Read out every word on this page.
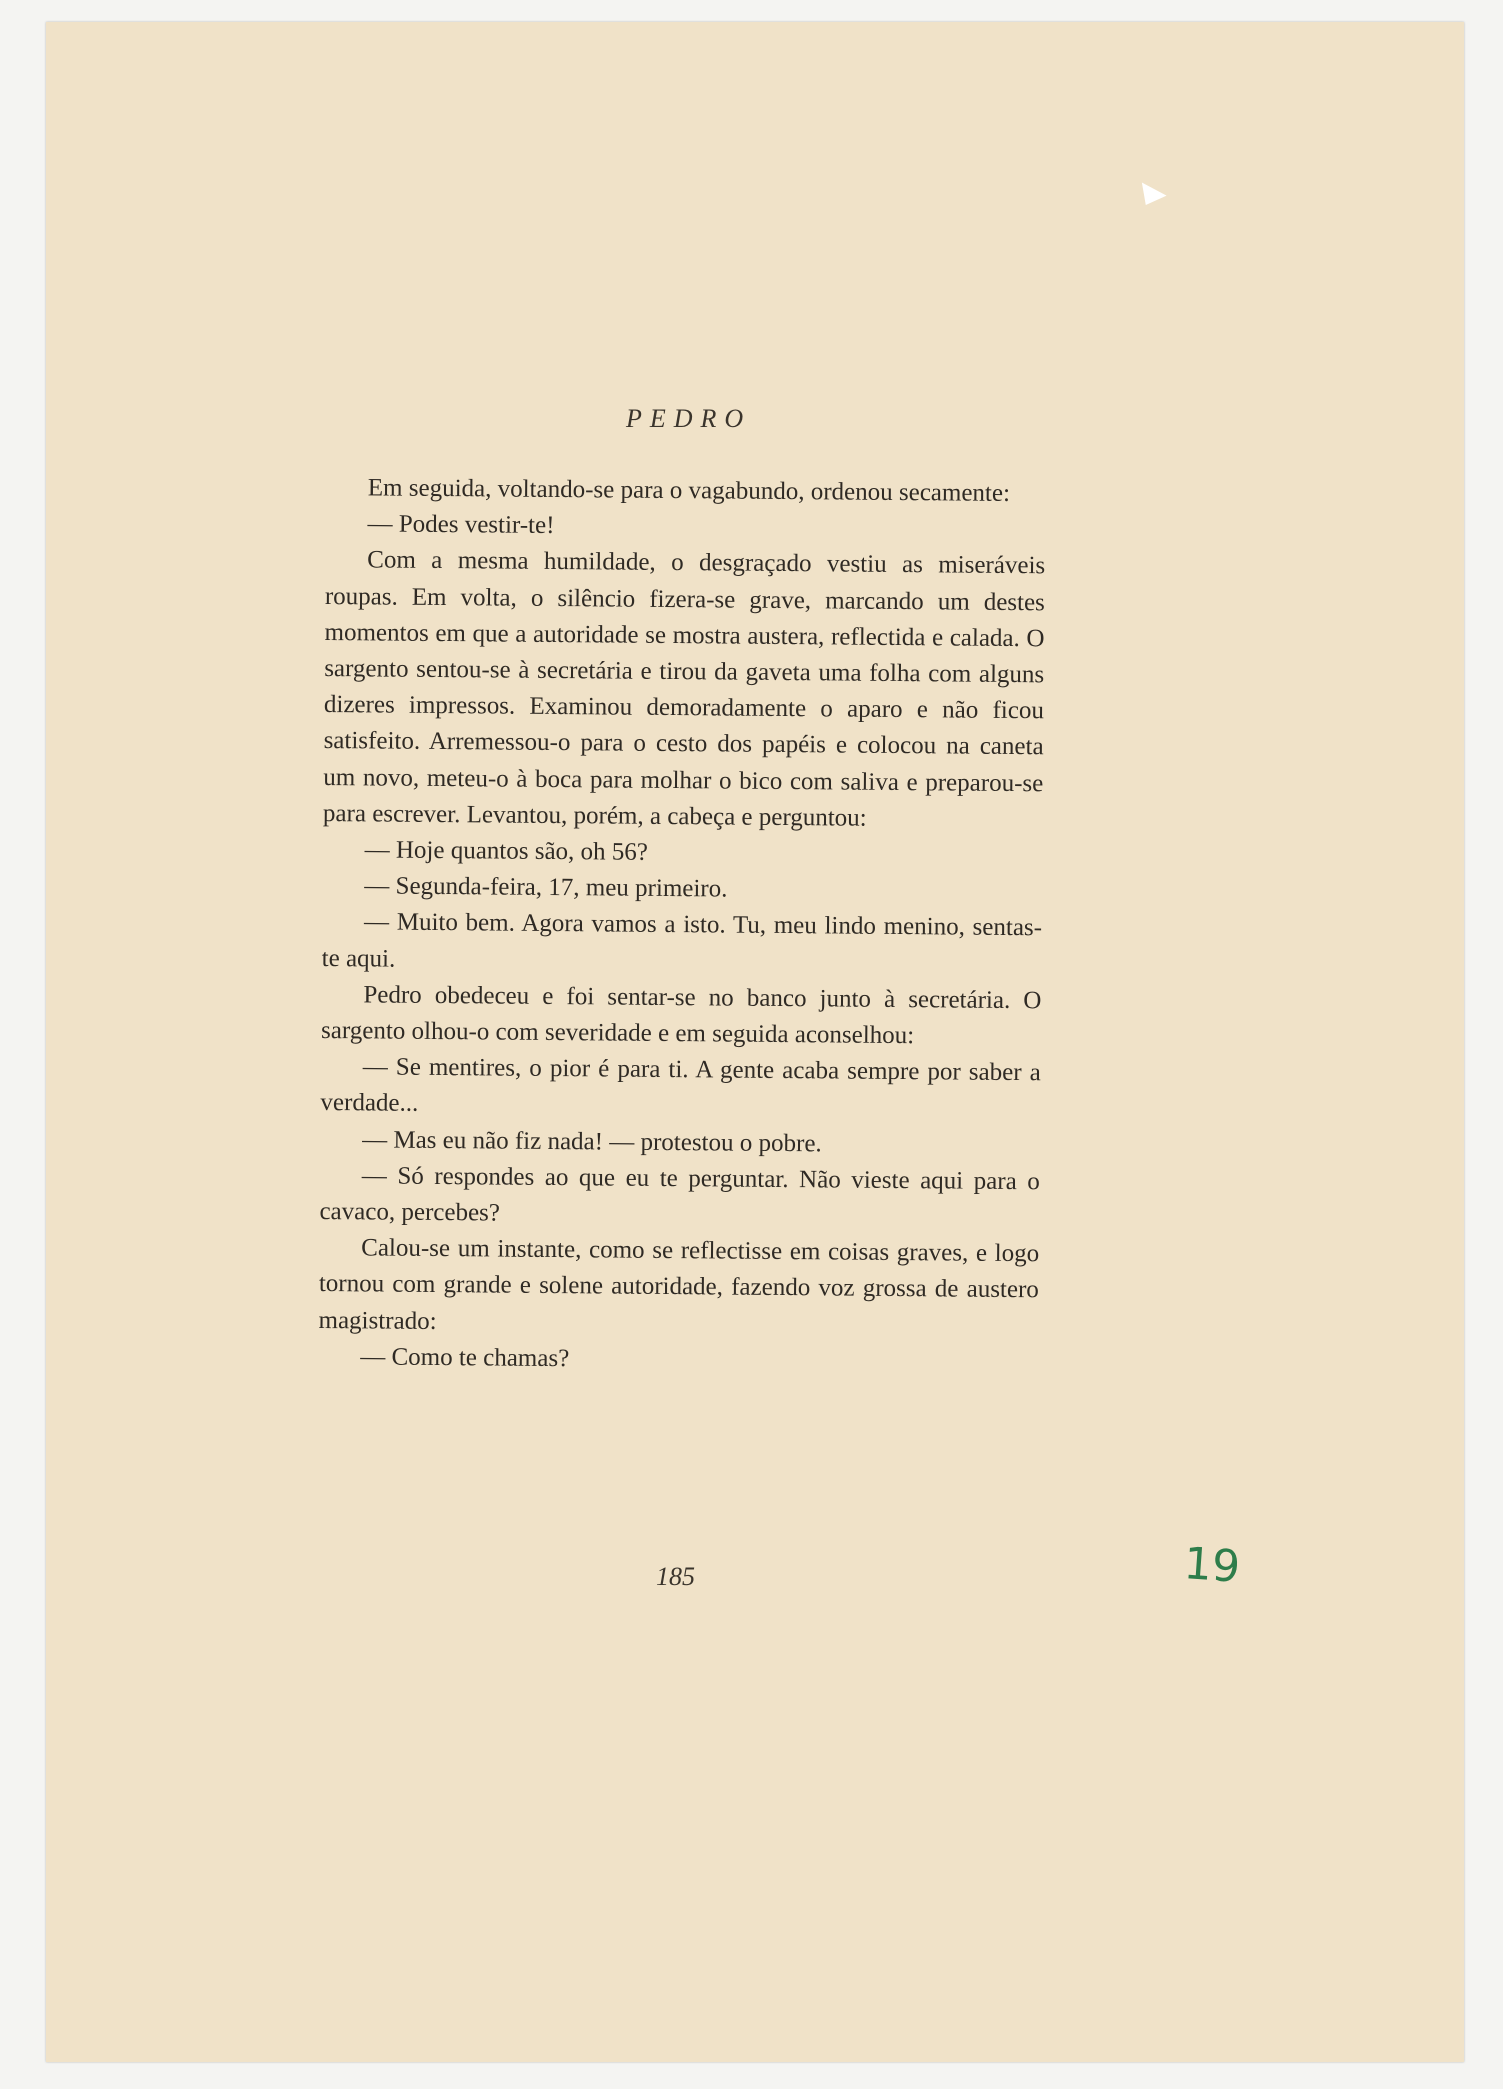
PEDRO

Em seguida, voltando-se para o vagabundo, ordenou secamente:

— Podes vestir-te!

Com a mesma humildade, o desgraçado vestiu as miseráveis roupas. Em volta, o silêncio fizera-se grave, marcando um destes momentos em que a autoridade se mostra austera, reflectida e calada. O sargento sentou-se à secretária e tirou da gaveta uma folha com alguns dizeres impressos. Examinou demoradamente o aparo e não ficou satisfeito. Arremessou-o para o cesto dos papéis e colocou na caneta um novo, meteu-o à boca para molhar o bico com saliva e preparou-se para escrever. Levantou, porém, a cabeça e perguntou:

— Hoje quantos são, oh 56?

— Segunda-feira, 17, meu primeiro.

— Muito bem. Agora vamos a isto. Tu, meu lindo menino, sentas-te aqui.

Pedro obedeceu e foi sentar-se no banco junto à secretária. O sargento olhou-o com severidade e em seguida aconselhou:

— Se mentires, o pior é para ti. A gente acaba sempre por saber a verdade...

— Mas eu não fiz nada! — protestou o pobre.

— Só respondes ao que eu te perguntar. Não vieste aqui para o cavaco, percebes?

Calou-se um instante, como se reflectisse em coisas graves, e logo tornou com grande e solene autoridade, fazendo voz grossa de austero magistrado:

— Como te chamas?

185	19
